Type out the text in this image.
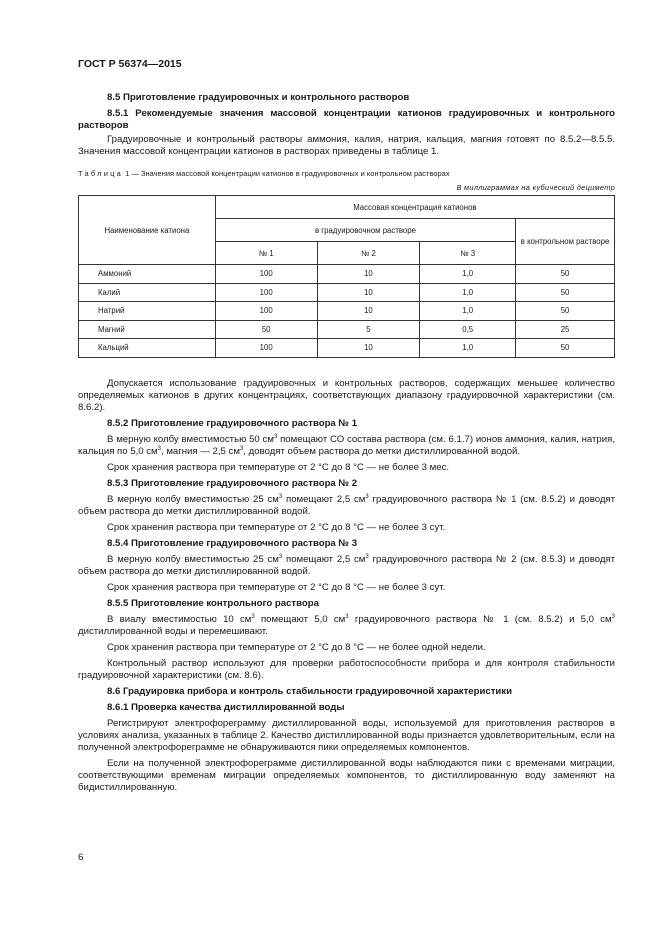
ГОСТ Р 56374—2015

8.5 Приготовление градуировочных и контрольного растворов

8.5.1 Рекомендуемые значения массовой концентрации катионов градуировочных и контрольного растворов

Градуировочные и контрольный растворы аммония, калия, натрия, кальция, магния готовят по 8.5.2—8.5.5. Значения массовой концентрации катионов в растворах приведены в таблице 1.

Таблица 1 — Значения массовой концентрации катионов в градуировочных и контрольном растворах
В миллиграммах на кубический дециметр
Наименование катиона	Массовая концентрация катионов			
	в градуировочном растворе			в контрольном растворе
	№ 1	№ 2	№ 3	
Аммоний	100	10	1,0	50
Калий	100	10	1,0	50
Натрий	100	10	1,0	50
Магний	50	5	0,5	25
Кальций	100	10	1,0	50

Допускается использование градуировочных и контрольных растворов, содержащих меньшее количество определяемых катионов в других концентрациях, соответствующих диапазону градуировочной характеристики (см. 8.6.2).

8.5.2 Приготовление градуировочного раствора № 1

В мерную колбу вместимостью 50 $см^3$ помещают СО состава раствора (см. 6.1.7) ионов аммония, калия, натрия, кальция по 5,0 $см^3$, магния — 2,5 $см^3$, доводят объем раствора до метки дистиллированной водой.

Срок хранения раствора при температуре от 2 °С до 8 °С — не более 3 мес.

8.5.3 Приготовление градуировочного раствора № 2

В мерную колбу вместимостью 25 $см^3$ помещают 2,5 $см^3$ градуировочного раствора № 1 (см. 8.5.2) и доводят объем раствора до метки дистиллированной водой.

Срок хранения раствора при температуре от 2 °С до 8 °С — не более 3 сут.

8.5.4 Приготовление градуировочного раствора № 3

В мерную колбу вместимостью 25 $см^3$ помещают 2,5 $см^3$ градуировочного раствора № 2 (см. 8.5.3) и доводят объем раствора до метки дистиллированной водой.

Срок хранения раствора при температуре от 2 °С до 8 °С — не более 3 сут.

8.5.5 Приготовление контрольного раствора

В виалу вместимостью 10 $см^3$ помещают 5,0 $см^3$ градуировочного раствора № 1 (см. 8.5.2) и 5,0 $см^3$ дистиллированной воды и перемешивают.

Срок хранения раствора при температуре от 2 °С до 8 °С — не более одной недели.

Контрольный раствор используют для проверки работоспособности прибора и для контроля стабильности градуировочной характеристики (см. 8.6).

8.6 Градуировка прибора и контроль стабильности градуировочной характеристики

8.6.1 Проверка качества дистиллированной воды

Регистрируют электрофореграмму дистиллированной воды, используемой для приготовления растворов в условиях анализа, указанных в таблице 2. Качество дистиллированной воды признается удовлетворительным, если на полученной электрофореграмме не обнаруживаются пики определяемых компонентов.

Если на полученной электрофореграмме дистиллированной воды наблюдаются пики с временами миграции, соответствующими временам миграции определяемых компонентов, то дистиллированную воду заменяют на бидистиллированную.

6
